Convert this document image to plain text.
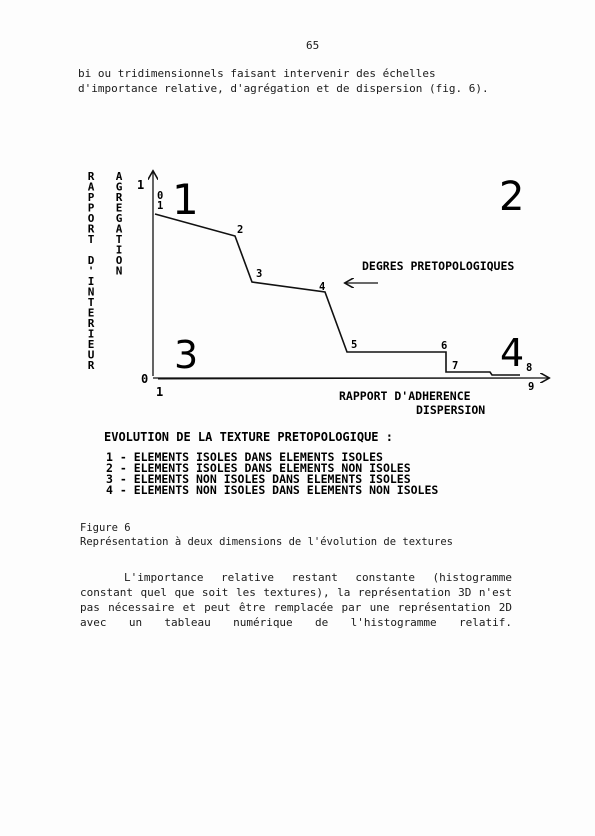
65
bi ou tridimensionnels faisant intervenir des échelles
d'importance relative, d'agrégation et de dispersion (fig. 6).
R A P P O R T D ' I N T E R I E U R
A G R E G A T I O N
1
0
1
0
1
2
3
4
5	6
7	8
9
1	2
3	4
DEGRES PRETOPOLOGIQUES
RAPPORT D'ADHERENCE
DISPERSION
EVOLUTION DE LA TEXTURE PRETOPOLOGIQUE :
1 - ELEMENTS ISOLES DANS ELEMENTS ISOLES
2 - ELEMENTS ISOLES DANS ELEMENTS NON ISOLES
3 - ELEMENTS NON ISOLES DANS ELEMENTS ISOLES
4 - ELEMENTS NON ISOLES DANS ELEMENTS NON ISOLES
Figure 6
Représentation à deux dimensions de l'évolution de textures
L'importance relative restant constante (histogramme
constant quel que soit les textures), la représentation 3D n'est
pas nécessaire et peut être remplacée par une représentation 2D
avec un tableau numérique de l'histogramme relatif.
